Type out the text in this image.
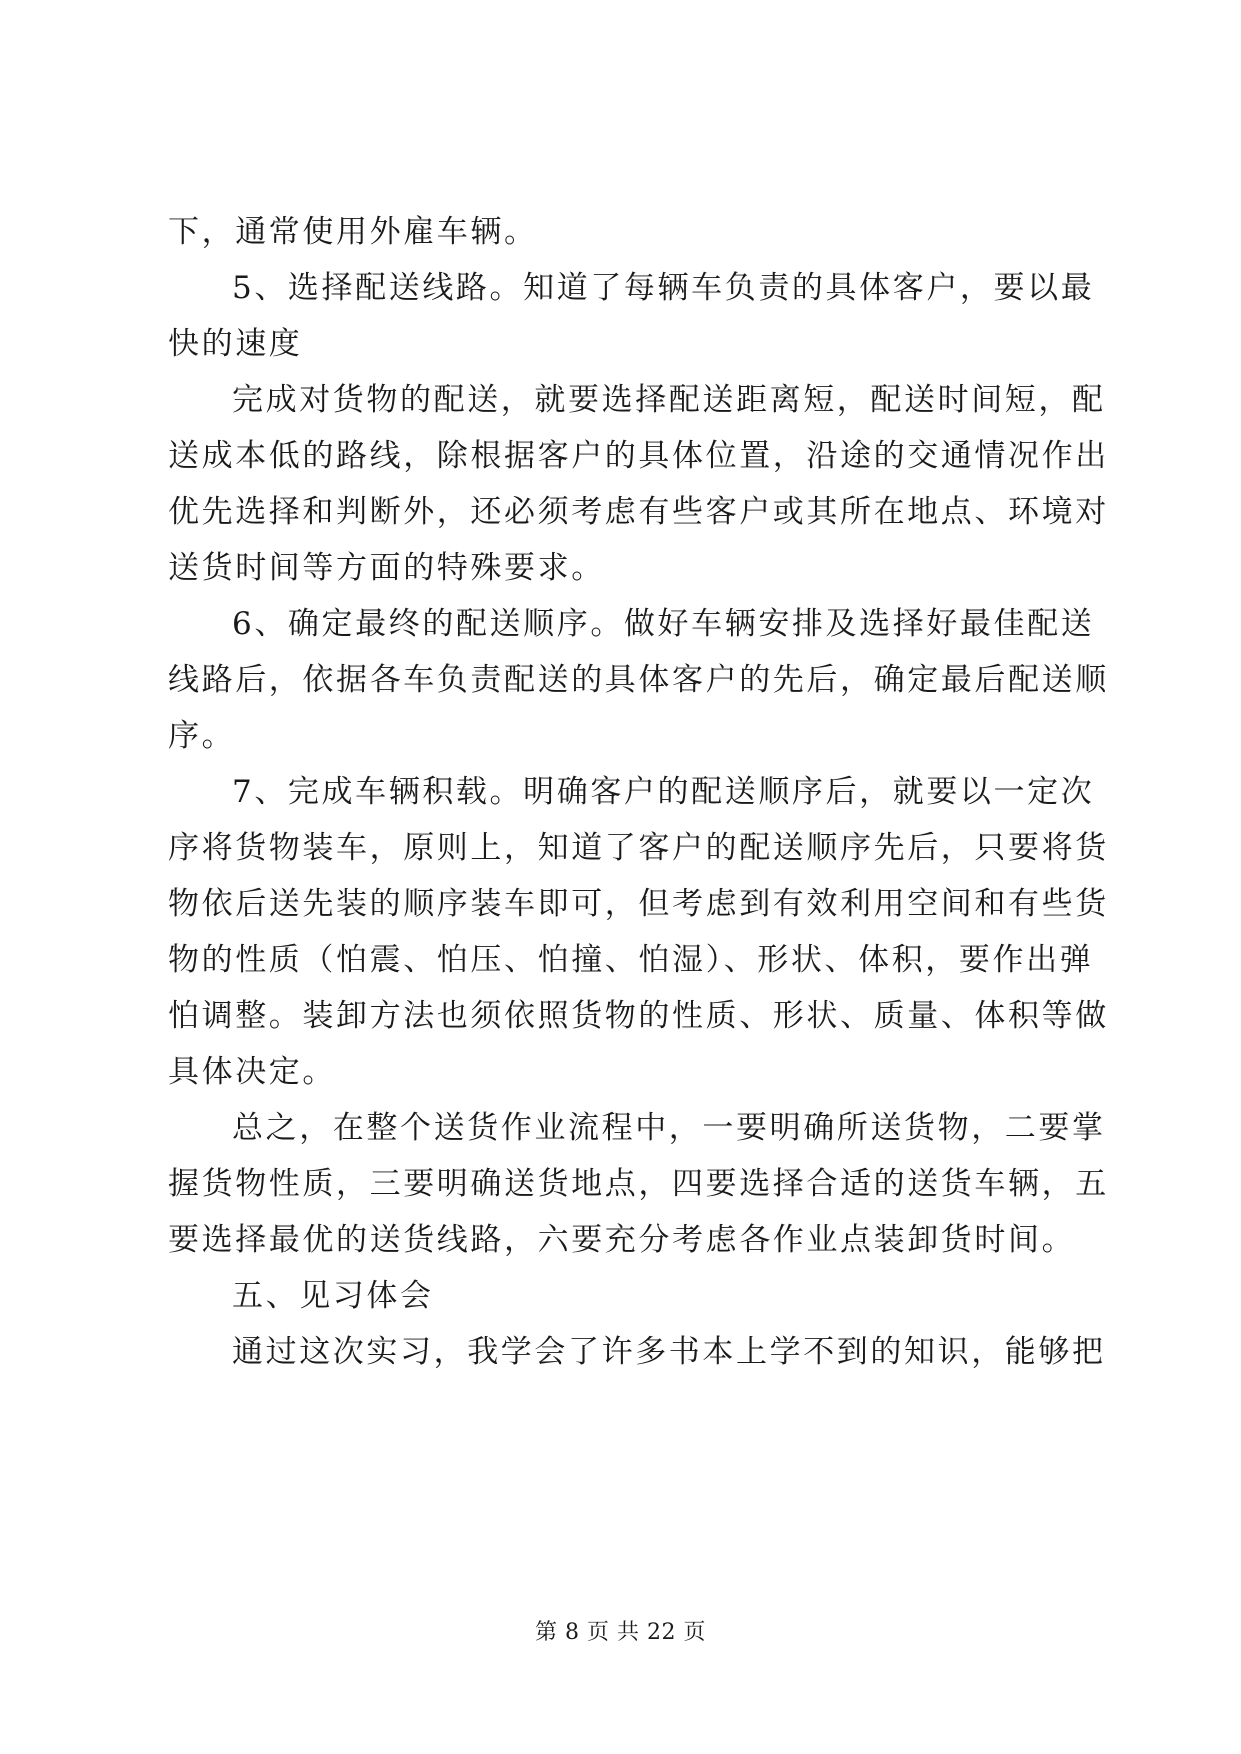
下，通常使用外雇车辆。
5、选择配送线路。知道了每辆车负责的具体客户，要以最
快的速度
完成对货物的配送，就要选择配送距离短，配送时间短，配
送成本低的路线，除根据客户的具体位置，沿途的交通情况作出
优先选择和判断外，还必须考虑有些客户或其所在地点、环境对
送货时间等方面的特殊要求。
6、确定最终的配送顺序。做好车辆安排及选择好最佳配送
线路后，依据各车负责配送的具体客户的先后，确定最后配送顺
序。
7、完成车辆积载。明确客户的配送顺序后，就要以一定次
序将货物装车，原则上，知道了客户的配送顺序先后，只要将货
物依后送先装的顺序装车即可，但考虑到有效利用空间和有些货
物的性质（怕震、怕压、怕撞、怕湿）、形状、体积，要作出弹
怕调整。装卸方法也须依照货物的性质、形状、质量、体积等做
具体决定。
总之，在整个送货作业流程中，一要明确所送货物，二要掌
握货物性质，三要明确送货地点，四要选择合适的送货车辆，五
要选择最优的送货线路，六要充分考虑各作业点装卸货时间。
五、见习体会
通过这次实习，我学会了许多书本上学不到的知识，能够把
第 8 页 共 22 页
